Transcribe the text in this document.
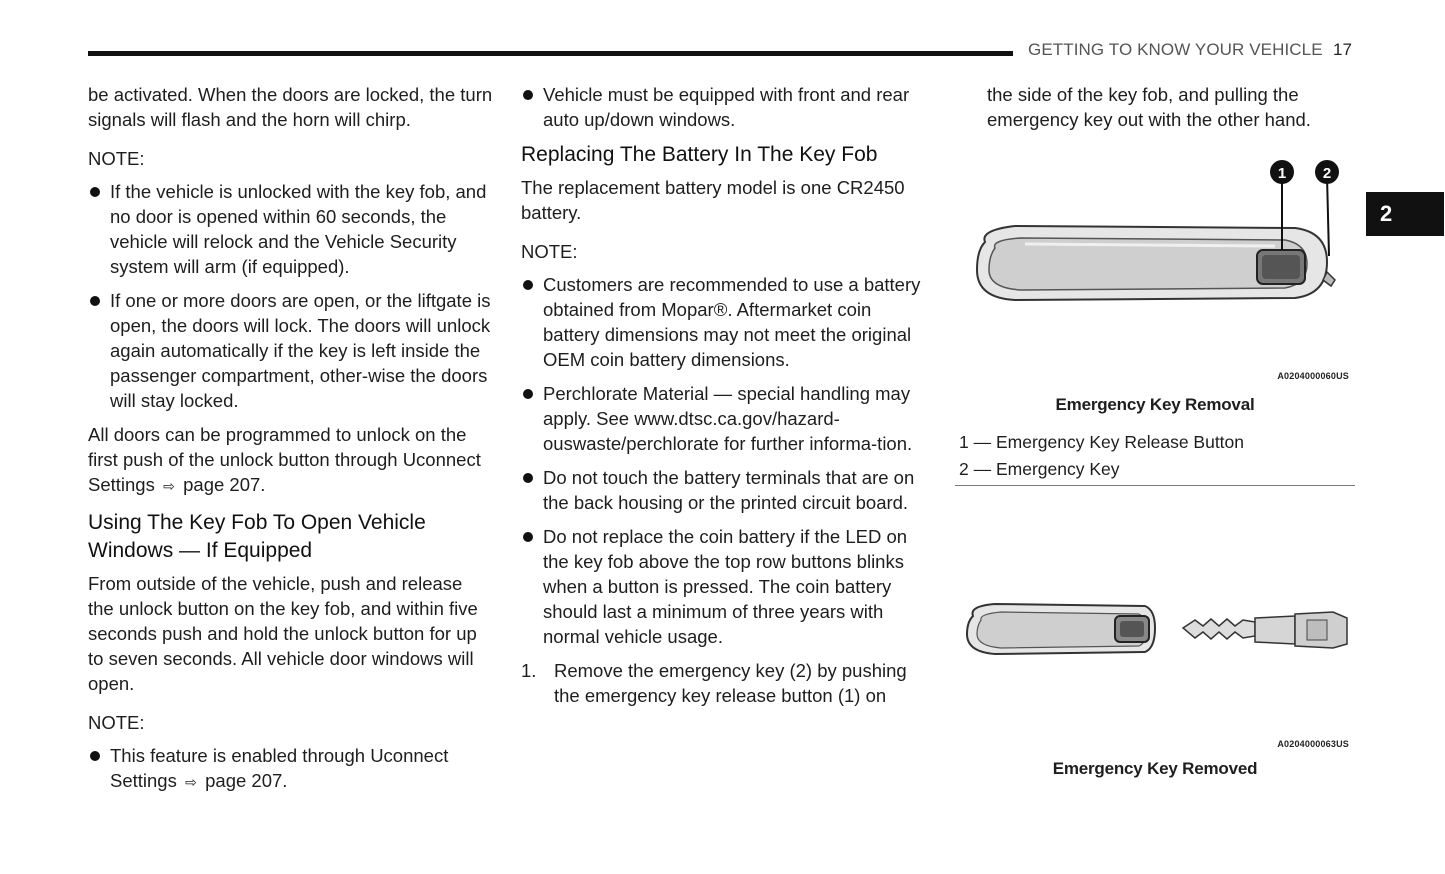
GETTING TO KNOW YOUR VEHICLE 17
2

be activated. When the doors are locked, the turn signals will flash and the horn will chirp.

NOTE:
If the vehicle is unlocked with the key fob, and no door is opened within 60 seconds, the vehicle will relock and the Vehicle Security system will arm (if equipped).
If one or more doors are open, or the liftgate is open, the doors will lock. The doors will unlock again automatically if the key is left inside the passenger compartment, other-wise the doors will stay locked.

All doors can be programmed to unlock on the first push of the unlock button through Uconnect Settings ⇨ page 207.

Using The Key Fob To Open Vehicle Windows — If Equipped

From outside of the vehicle, push and release the unlock button on the key fob, and within five seconds push and hold the unlock button for up to seven seconds. All vehicle door windows will open.

NOTE:
This feature is enabled through Uconnect Settings ⇨ page 207.
Vehicle must be equipped with front and rear auto up/down windows.
Replacing The Battery In The Key Fob

The replacement battery model is one CR2450 battery.

NOTE:
Customers are recommended to use a battery obtained from Mopar®. Aftermarket coin battery dimensions may not meet the original OEM coin battery dimensions.
Perchlorate Material — special handling may apply. See www.dtsc.ca.gov/hazard-ouswaste/perchlorate for further informa-tion.
Do not touch the battery terminals that are on the back housing or the printed circuit board.
Do not replace the coin battery if the LED on the key fob above the top row buttons blinks when a button is pressed. The coin battery should last a minimum of three years with normal vehicle usage.
1. Remove the emergency key (2) by pushing the emergency key release button (1) on

the side of the key fob, and pulling the emergency key out with the other hand.

1 2
A0204000060US
Emergency Key Removal
1 — Emergency Key Release Button
2 — Emergency Key
A0204000063US
Emergency Key Removed
